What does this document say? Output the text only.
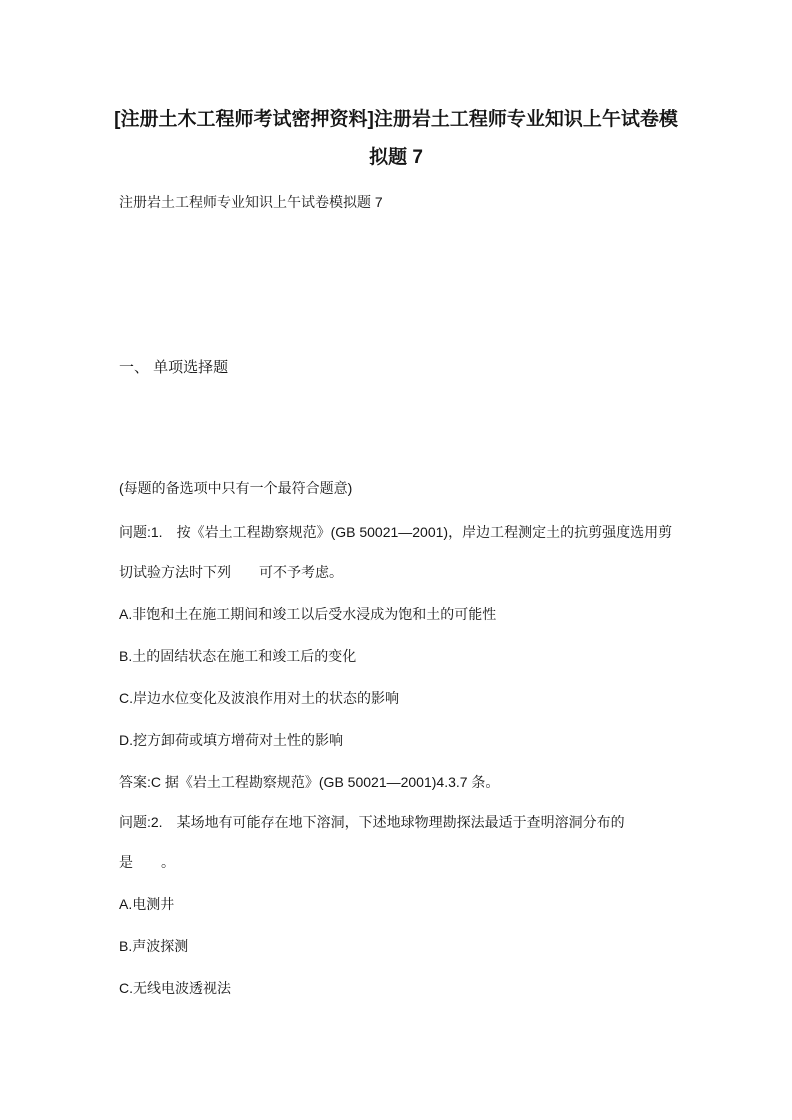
[注册土木工程师考试密押资料]注册岩土工程师专业知识上午试卷模拟题 7

注册岩土工程师专业知识上午试卷模拟题 7

一、 单项选择题

(每题的备选项中只有一个最符合题意)

问题:1.　按《岩土工程勘察规范》(GB 50021—2001)，岸边工程测定土的抗剪强度选用剪切试验方法时下列　　可不予考虑。

A.非饱和土在施工期间和竣工以后受水浸成为饱和土的可能性

B.土的固结状态在施工和竣工后的变化

C.岸边水位变化及波浪作用对土的状态的影响

D.挖方卸荷或填方增荷对土性的影响

答案:C 据《岩土工程勘察规范》(GB 50021—2001)4.3.7 条。

问题:2.　某场地有可能存在地下溶洞，下述地球物理勘探法最适于查明溶洞分布的是　　。

A.电测井

B.声波探测

C.无线电波透视法
